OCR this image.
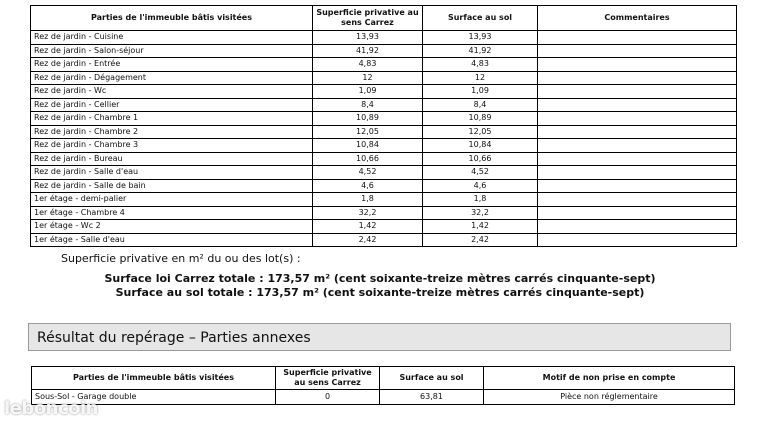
Parties de l'immeuble bâtis visitées	Superficie privative au sens Carrez	Surface au sol	Commentaires
Rez de jardin - Cuisine	13,93	13,93	
Rez de jardin - Salon-séjour	41,92	41,92	
Rez de jardin - Entrée	4,83	4,83	
Rez de jardin - Dégagement	12	12	
Rez de jardin - Wc	1,09	1,09	
Rez de jardin - Cellier	8,4	8,4	
Rez de jardin - Chambre 1	10,89	10,89	
Rez de jardin - Chambre 2	12,05	12,05	
Rez de jardin - Chambre 3	10,84	10,84	
Rez de jardin - Bureau	10,66	10,66	
Rez de jardin - Salle d'eau	4,52	4,52	
Rez de jardin - Salle de bain	4,6	4,6	
1er étage - demi-palier	1,8	1,8	
1er étage - Chambre 4	32,2	32,2	
1er étage - Wc 2	1,42	1,42	
1er étage - Salle d'eau	2,42	2,42	
Superficie privative en m² du ou des lot(s) :
Surface loi Carrez totale : 173,57 m² (cent soixante-treize mètres carrés cinquante-sept)
Surface au sol totale : 173,57 m² (cent soixante-treize mètres carrés cinquante-sept)
Résultat du repérage – Parties annexes
Parties de l'immeuble bâtis visitées	Superficie privative au sens Carrez	Surface au sol	Motif de non prise en compte
Sous-Sol - Garage double	0	63,81	Pièce non réglementaire
leboncoin
